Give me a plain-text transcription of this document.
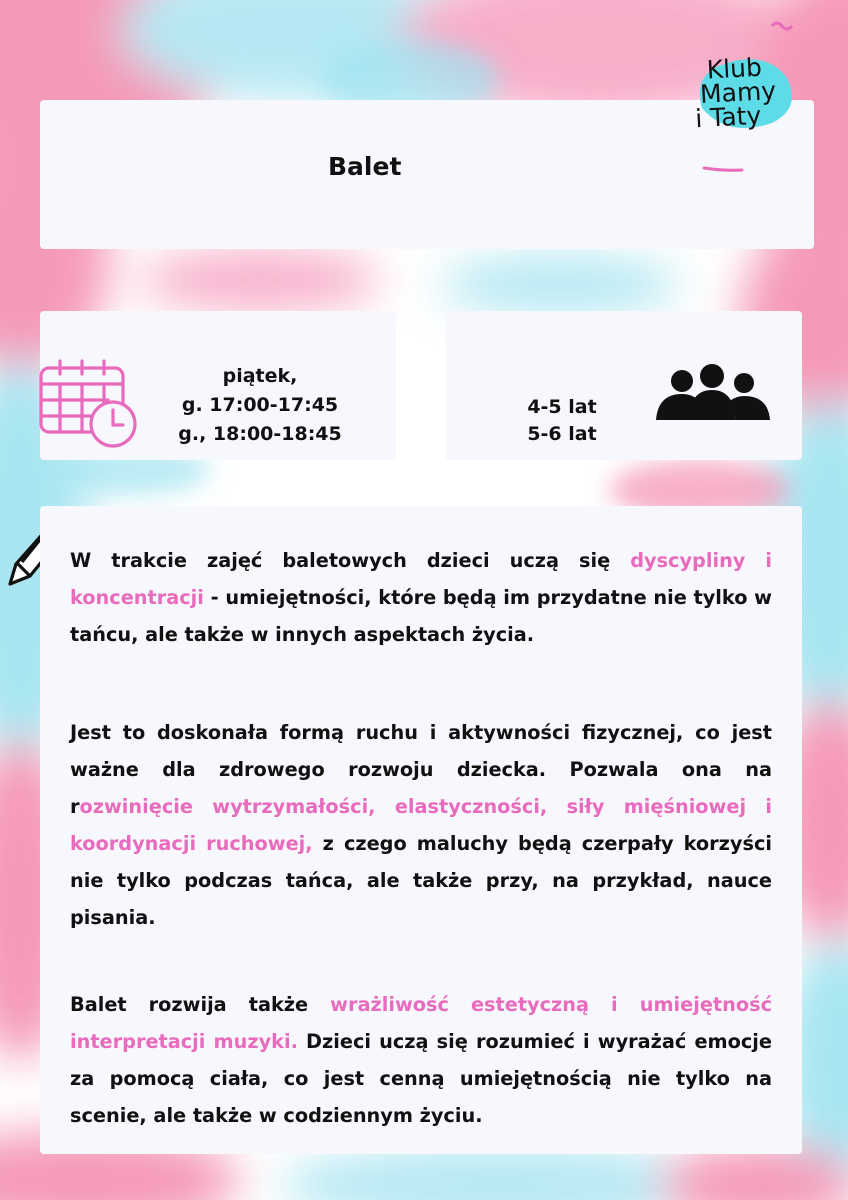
Balet
Klub
Mamy
i Taty
piątek,
g. 17:00-17:45
g., 18:00-18:45
4-5 lat
5-6 lat

W trakcie zajęć baletowych dzieci uczą się dyscypliny i koncentracji - umiejętności, które będą im przydatne nie tylko w tańcu, ale także w innych aspektach życia.

Jest to doskonała formą ruchu i aktywności fizycznej, co jest ważne dla zdrowego rozwoju dziecka. Pozwala ona na rozwinięcie wytrzymałości, elastyczności, siły mięśniowej i koordynacji ruchowej, z czego maluchy będą czerpały korzyści nie tylko podczas tańca, ale także przy, na przykład, nauce pisania.

Balet rozwija także wrażliwość estetyczną i umiejętność interpretacji muzyki. Dzieci uczą się rozumieć i wyrażać emocje za pomocą ciała, co jest cenną umiejętnością nie tylko na scenie, ale także w codziennym życiu.
